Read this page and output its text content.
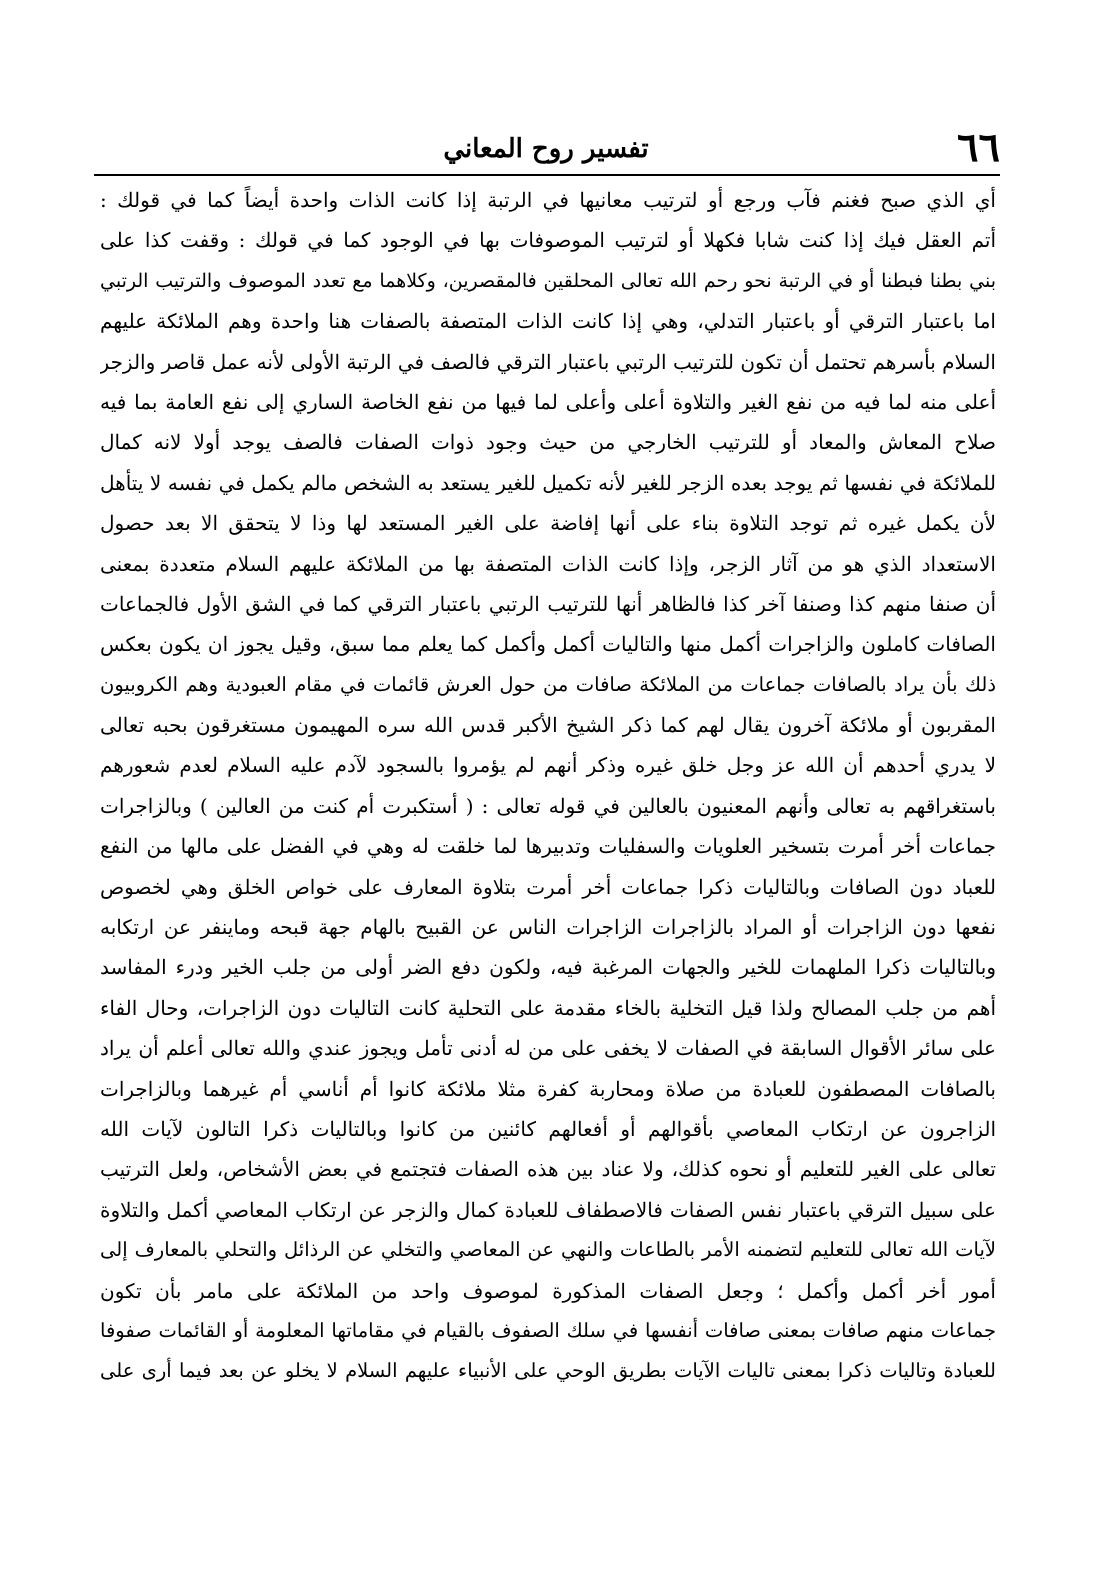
٦٦
تفسير روح المعاني
أي الذي صبح فغنم فآب ورجع أو لترتيب معانيها في الرتبة إذا كانت الذات واحدة أيضاً كما في قولك :
أتم العقل فيك إذا كنت شابا فكهلا أو لترتيب الموصوفات بها في الوجود كما في قولك : وقفت كذا على
بني بطنا فبطنا أو في الرتبة نحو رحم الله تعالى المحلقين فالمقصرين، وكلاهما مع تعدد الموصوف والترتيب الرتبي
اما باعتبار الترقي أو باعتبار التدلي، وهي إذا كانت الذات المتصفة بالصفات هنا واحدة وهم الملائكة عليهم
السلام بأسرهم تحتمل أن تكون للترتيب الرتبي باعتبار الترقي فالصف في الرتبة الأولى لأنه عمل قاصر والزجر
أعلى منه لما فيه من نفع الغير والتلاوة أعلى وأعلى لما فيها من نفع الخاصة الساري إلى نفع العامة بما فيه
صلاح المعاش والمعاد أو للترتيب الخارجي من حيث وجود ذوات الصفات فالصف يوجد أولا لانه كمال
للملائكة في نفسها ثم يوجد بعده الزجر للغير لأنه تكميل للغير يستعد به الشخص مالم يكمل في نفسه لا يتأهل
لأن يكمل غيره ثم توجد التلاوة بناء على أنها إفاضة على الغير المستعد لها وذا لا يتحقق الا بعد حصول
الاستعداد الذي هو من آثار الزجر، وإذا كانت الذات المتصفة بها من الملائكة عليهم السلام متعددة بمعنى
أن صنفا منهم كذا وصنفا آخر كذا فالظاهر أنها للترتيب الرتبي باعتبار الترقي كما في الشق الأول فالجماعات
الصافات كاملون والزاجرات أكمل منها والتاليات أكمل وأكمل كما يعلم مما سبق، وقيل يجوز ان يكون بعكس
ذلك بأن يراد بالصافات جماعات من الملائكة صافات من حول العرش قائمات في مقام العبودية وهم الكروبيون
المقربون أو ملائكة آخرون يقال لهم كما ذكر الشيخ الأكبر قدس الله سره المهيمون مستغرقون بحبه تعالى
لا يدري أحدهم أن الله عز وجل خلق غيره وذكر أنهم لم يؤمروا بالسجود لآدم عليه السلام لعدم شعورهم
باستغراقهم به تعالى وأنهم المعنيون بالعالين في قوله تعالى : ( أستكبرت أم كنت من العالين ) وبالزاجرات
جماعات أخر أمرت بتسخير العلويات والسفليات وتدبيرها لما خلقت له وهي في الفضل على مالها من النفع
للعباد دون الصافات وبالتاليات ذكرا جماعات أخر أمرت بتلاوة المعارف على خواص الخلق وهي لخصوص
نفعها دون الزاجرات أو المراد بالزاجرات الزاجرات الناس عن القبيح بالهام جهة قبحه وماينفر عن ارتكابه
وبالتاليات ذكرا الملهمات للخير والجهات المرغبة فيه، ولكون دفع الضر أولى من جلب الخير ودرء المفاسد
أهم من جلب المصالح ولذا قيل التخلية بالخاء مقدمة على التحلية كانت التاليات دون الزاجرات، وحال الفاء
على سائر الأقوال السابقة في الصفات لا يخفى على من له أدنى تأمل ويجوز عندي والله تعالى أعلم أن يراد
بالصافات المصطفون للعبادة من صلاة ومحاربة كفرة مثلا ملائكة كانوا أم أناسي أم غيرهما وبالزاجرات
الزاجرون عن ارتكاب المعاصي بأقوالهم أو أفعالهم كائنين من كانوا وبالتاليات ذكرا التالون لآيات الله
تعالى على الغير للتعليم أو نحوه كذلك، ولا عناد بين هذه الصفات فتجتمع في بعض الأشخاص، ولعل الترتيب
على سبيل الترقي باعتبار نفس الصفات فالاصطفاف للعبادة كمال والزجر عن ارتكاب المعاصي أكمل والتلاوة
لآيات الله تعالى للتعليم لتضمنه الأمر بالطاعات والنهي عن المعاصي والتخلي عن الرذائل والتحلي بالمعارف إلى
أمور أخر أكمل وأكمل ؛ وجعل الصفات المذكورة لموصوف واحد من الملائكة على مامر بأن تكون
جماعات منهم صافات بمعنى صافات أنفسها في سلك الصفوف بالقيام في مقاماتها المعلومة أو القائمات صفوفا
للعبادة وتاليات ذكرا بمعنى تاليات الآيات بطريق الوحي على الأنبياء عليهم السلام لا يخلو عن بعد فيما أرى على
